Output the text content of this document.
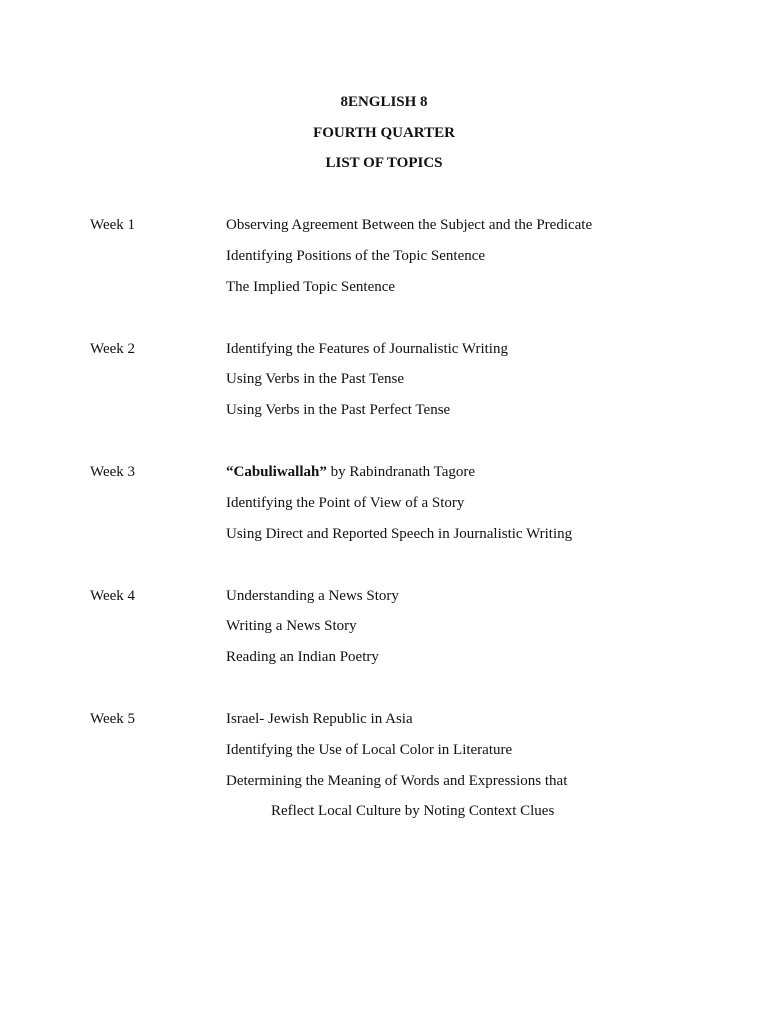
8ENGLISH 8
FOURTH QUARTER
LIST OF TOPICS
Week 1	Observing Agreement Between the Subject and the Predicate
Identifying Positions of the Topic Sentence
The Implied Topic Sentence
Week 2	Identifying the Features of Journalistic Writing
Using Verbs in the Past Tense
Using Verbs in the Past Perfect Tense
Week 3	“Cabuliwallah” by Rabindranath Tagore
Identifying the Point of View of a Story
Using Direct and Reported Speech in Journalistic Writing
Week 4	Understanding a News Story
Writing a News Story
Reading an Indian Poetry
Week 5	Israel- Jewish Republic in Asia
Identifying the Use of Local Color in Literature
Determining the Meaning of Words and Expressions that
Reflect Local Culture by Noting Context Clues
